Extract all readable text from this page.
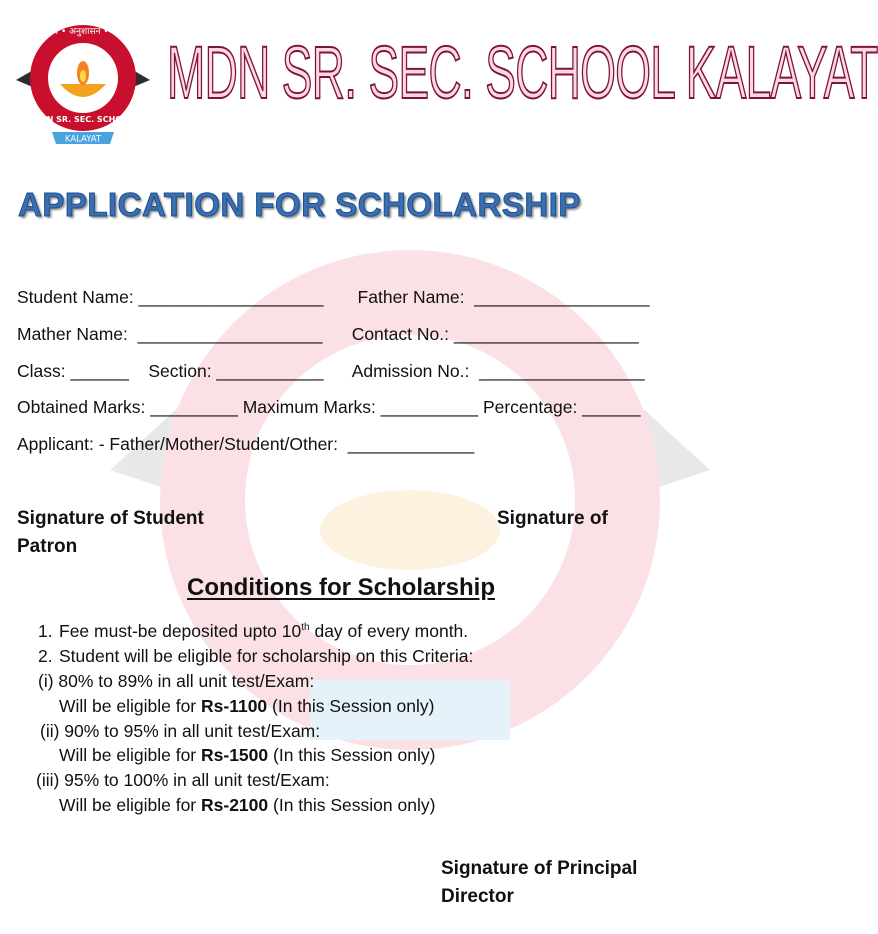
कर्तव्य • अनुशासन • चरित्र
सत्यमेव जयते
MDN SR. SEC. SCHOOL
KALAYAT
MDN SR. SEC. SCHOOL KALAYAT
APPLICATION FOR SCHOLARSHIP
Student Name: ___________________       Father Name:  __________________
Mather Name:  ___________________      Contact No.: ___________________
Class: ______    Section: ___________      Admission No.:  _________________
Obtained Marks: _________ Maximum Marks: __________ Percentage: ______
Applicant: - Father/Mother/Student/Other:  _____________
Signature of Student	Signature of
Patron
Conditions for Scholarship
1. Fee must-be deposited upto 10th day of every month.
2. Student will be eligible for scholarship on this Criteria:
(i) 80% to 89% in all unit test/Exam:
Will be eligible for Rs-1100 (In this Session only)
(ii) 90% to 95% in all unit test/Exam:
Will be eligible for Rs-1500 (In this Session only)
(iii) 95% to 100% in all unit test/Exam:
Will be eligible for Rs-2100 (In this Session only)
Signature of Principal
Director
